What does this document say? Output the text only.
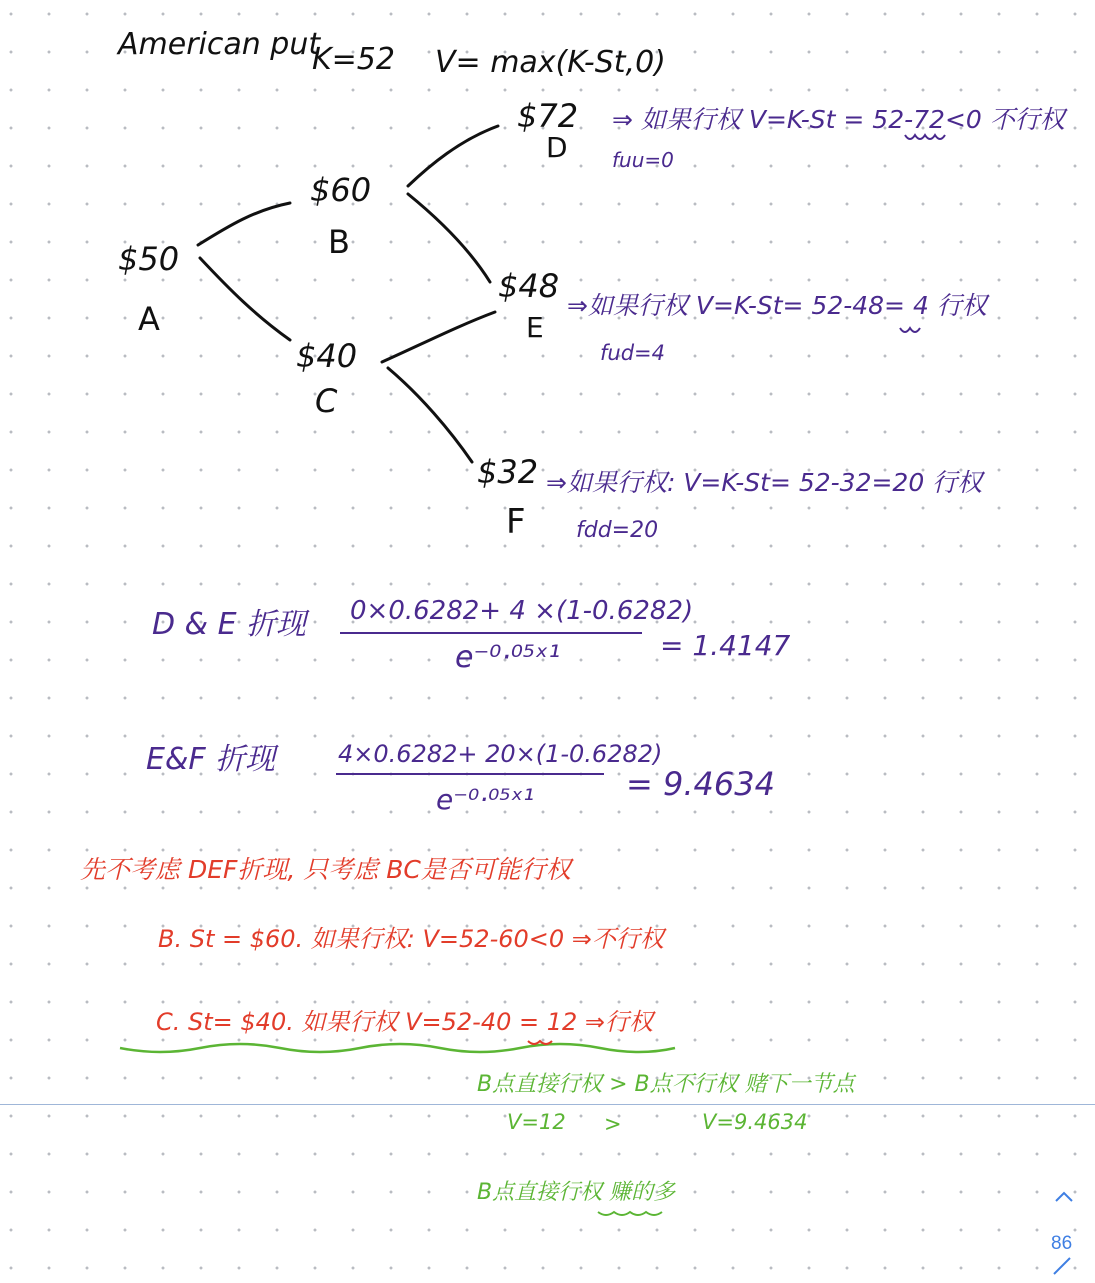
American put
K=52 V= max(K-St,0)
$50
A
$60
B
$40
C
$72
D
$48
E
$32
F
⇒ 如果行权 V=K-St = 52-72<0 不行权
fuu=0
⇒如果行权 V=K-St= 52-48= 4 行权
fud=4
⇒如果行权: V=K-St= 52-32=20 行权
fdd=20
D & E 折现 0×0.6282+ 4 ×(1-0.6282)
e⁻⁰·⁰⁵ˣ¹	= 1.4147
E&F 折现	4×0.6282+ 20×(1-0.6282)
e⁻⁰·⁰⁵ˣ¹	= 9.4634
先不考虑 DEF折现, 只考虑 BC是否可能行权
B. St = $60. 如果行权: V=52-60<0 ⇒不行权
C. St= $40. 如果行权 V=52-40 = 12 ⇒行权
B点直接行权 > B点不行权 赌下一节点
V=12 >	V=9.4634
B点直接行权 赚的多
86
